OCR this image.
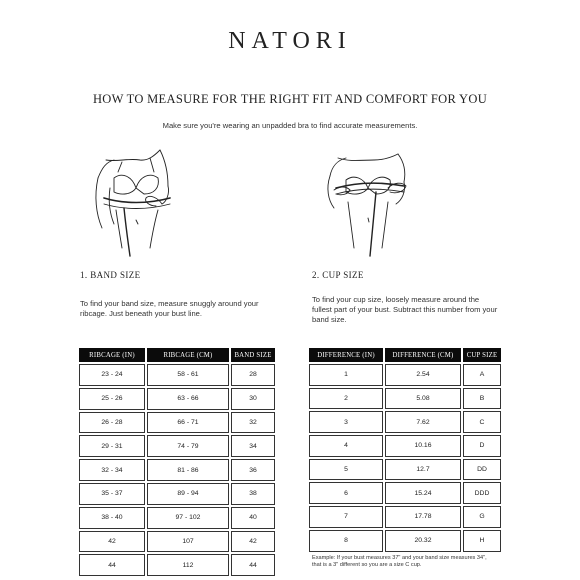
NATORI
HOW TO MEASURE FOR THE RIGHT FIT AND COMFORT FOR YOU
Make sure you're wearing an unpadded bra to find accurate measurements.
1. BAND SIZE
To find your band size, measure snuggly around your
ribcage. Just beneath your bust line.
2. CUP SIZE
To find your cup size, loosely measure around the
fullest part of your bust. Subtract this number from your
band size.
RIBCAGE (IN)	RIBCAGE (CM)	BAND SIZE
23 - 24	58 - 61	28
25 - 26	63 - 66	30
26 - 28	66 - 71	32
29 - 31	74 - 79	34
32 - 34	81 - 86	36
35 - 37	89 - 94	38
38 - 40	97 - 102	40
42	107	42
44	112	44
DIFFERENCE (IN)	DIFFERENCE (CM)	CUP SIZE
1	2.54	A
2	5.08	B
3	7.62	C
4	10.16	D
5	12.7	DD
6	15.24	DDD
7	17.78	G
8	20.32	H
Example: If your bust measures 37" and your band size measures 34",
that is a 3" different so you are a size C cup.
